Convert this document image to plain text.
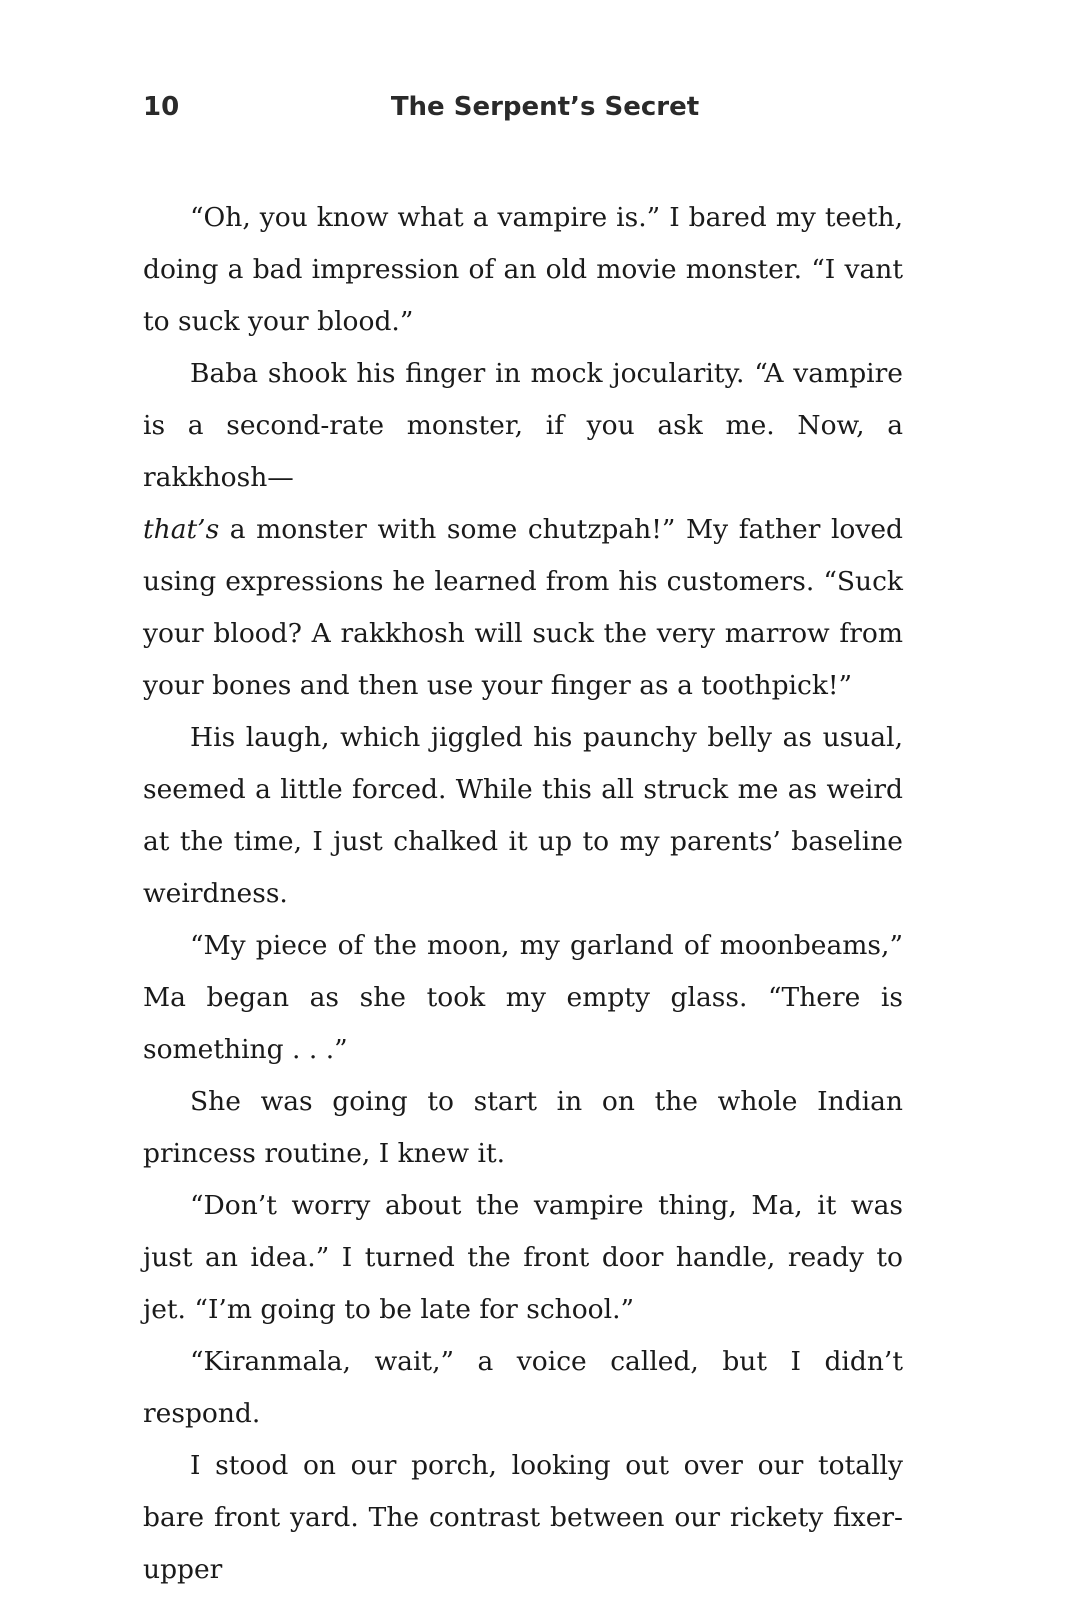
10	The Serpent’s Secret

“Oh, you know what a vampire is.” I bared my teeth, doing a bad impression of an old movie monster. “I vant to suck your blood.”

Baba shook his finger in mock jocularity. “A vampire is a second-rate monster, if you ask me. Now, a rakkhosh—

that’s a monster with some chutzpah!” My father loved using expressions he learned from his customers. “Suck your blood? A rakkhosh will suck the very marrow from your bones and then use your finger as a toothpick!”

His laugh, which jiggled his paunchy belly as usual, seemed a little forced. While this all struck me as weird at the time, I just chalked it up to my parents’ baseline weirdness.

“My piece of the moon, my garland of moonbeams,” Ma began as she took my empty glass. “There is something . . .”

She was going to start in on the whole Indian princess routine, I knew it.

“Don’t worry about the vampire thing, Ma, it was just an idea.” I turned the front door handle, ready to jet. “I’m going to be late for school.”

“Kiranmala, wait,” a voice called, but I didn’t respond.

I stood on our porch, looking out over our totally bare front yard. The contrast between our rickety fixer-upper
